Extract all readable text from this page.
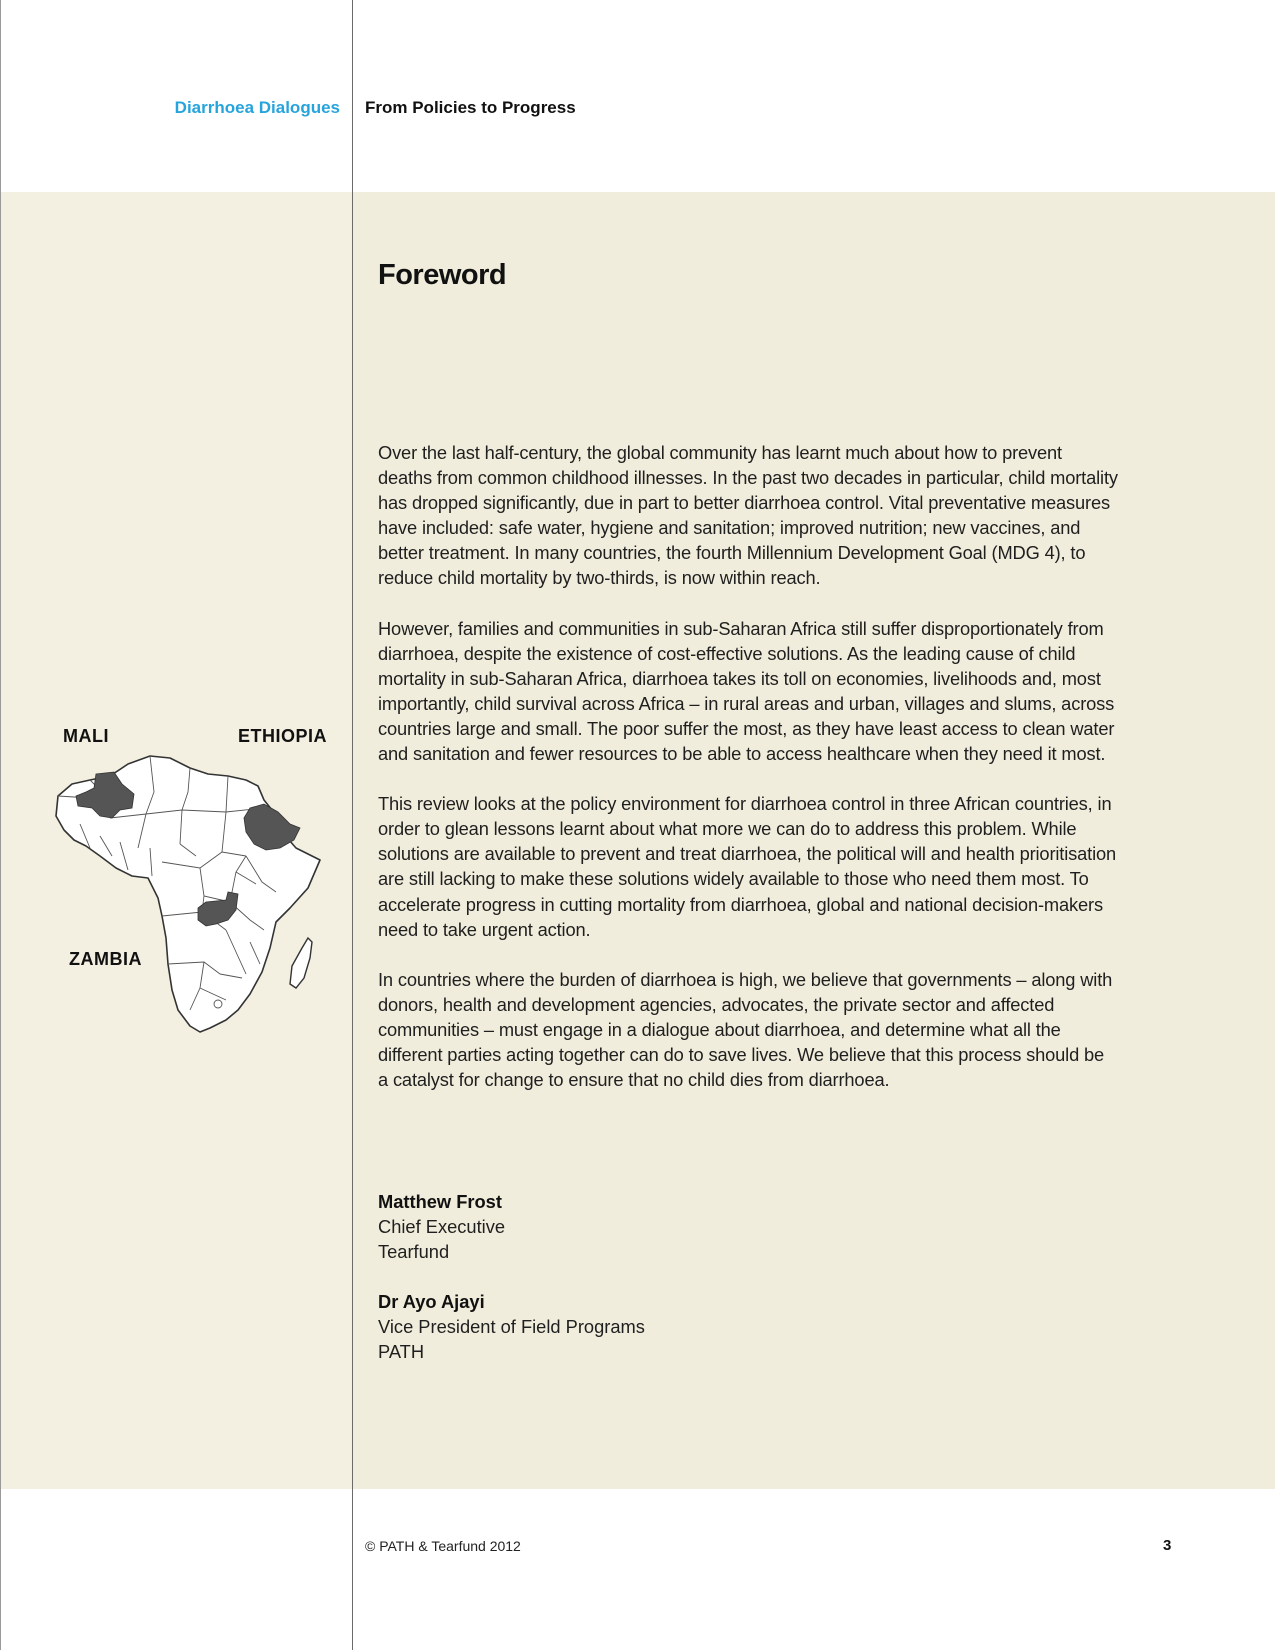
Diarrhoea Dialogues From Policies to Progress
Foreword

Over the last half-century, the global community has learnt much about how to prevent deaths from common childhood illnesses. In the past two decades in particular, child mortality has dropped significantly, due in part to better diarrhoea control. Vital preventative measures have included: safe water, hygiene and sanitation; improved nutrition; new vaccines, and better treatment. In many countries, the fourth Millennium Development Goal (MDG 4), to reduce child mortality by two-thirds, is now within reach.

However, families and communities in sub-Saharan Africa still suffer disproportionately from diarrhoea, despite the existence of cost-effective solutions. As the leading cause of child mortality in sub-Saharan Africa, diarrhoea takes its toll on economies, livelihoods and, most importantly, child survival across Africa – in rural areas and urban, villages and slums, across countries large and small. The poor suffer the most, as they have least access to clean water and sanitation and fewer resources to be able to access healthcare when they need it most.

This review looks at the policy environment for diarrhoea control in three African countries, in order to glean lessons learnt about what more we can do to address this problem. While solutions are available to prevent and treat diarrhoea, the political will and health prioritisation are still lacking to make these solutions widely available to those who need them most. To accelerate progress in cutting mortality from diarrhoea, global and national decision-makers need to take urgent action.

In countries where the burden of diarrhoea is high, we believe that governments – along with donors, health and development agencies, advocates, the private sector and affected communities – must engage in a dialogue about diarrhoea, and determine what all the different parties acting together can do to save lives. We believe that this process should be a catalyst for change to ensure that no child dies from diarrhoea.

Matthew Frost
Chief Executive
Tearfund
Dr Ayo Ajayi
Vice President of Field Programs
PATH
MALI	ETHIOPIA
ZAMBIA
© PATH & Tearfund 2012	3
